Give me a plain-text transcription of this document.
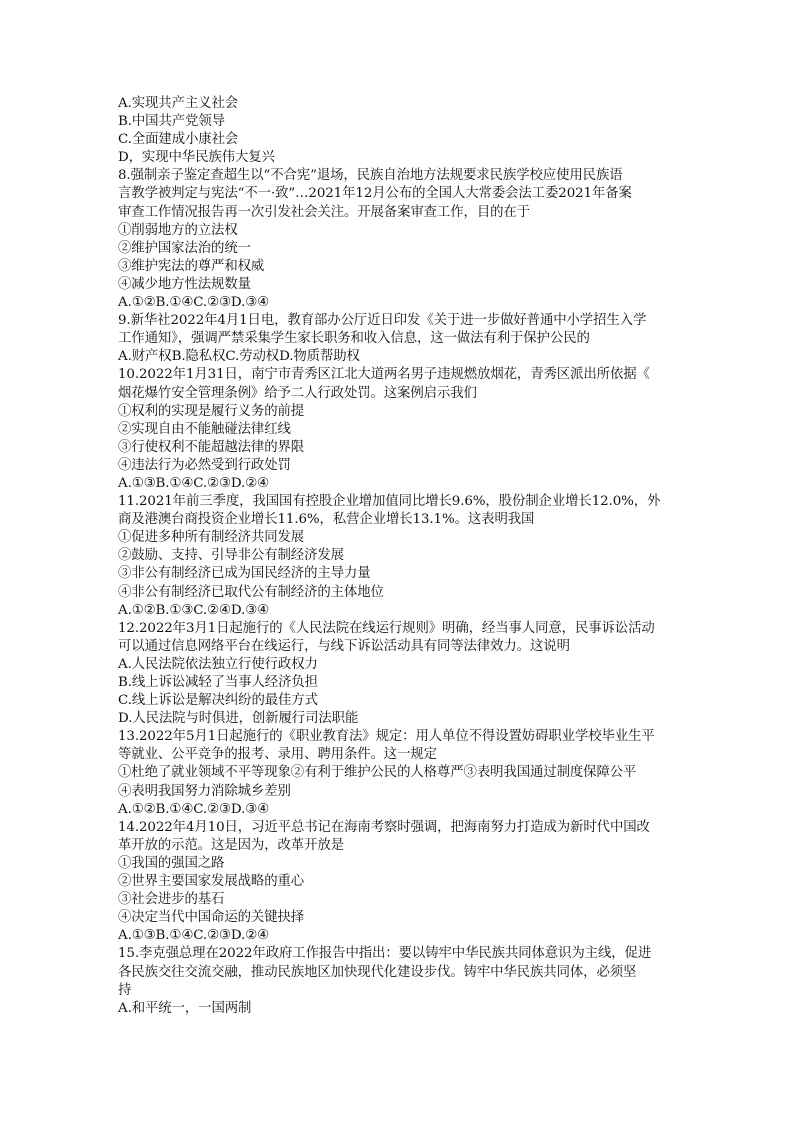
A.实现共产主义社会
B.中国共产党领导
C.全面建成小康社会
D，实现中华民族伟大复兴
8.强制亲子鉴定查超生以“不合宪”退场，民族自治地方法规要求民族学校应使用民族语
言教学被判定与宪法“不一·致”…2021年12月公布的全国人大常委会法工委2021年备案
审查工作情况报告再一次引发社会关注。开展备案审查工作，目的在于
①削弱地方的立法权
②维护国家法治的统一
③维护宪法的尊严和权威
④减少地方性法规数量
A.①②B.①④C.②③D.③④
9.新华社2022年4月1日电，教育部办公厅近日印发《关于进一步做好普通中小学招生入学
工作通知》，强调严禁采集学生家长职务和收入信息，这一做法有利于保护公民的
A.财产权B.隐私权C.劳动权D.物质帮助权
10.2022年1月31日，南宁市青秀区江北大道两名男子违规燃放烟花，青秀区派出所依据《
烟花爆竹安全管理条例》给予二人行政处罚。这案例启示我们
①权利的实现是履行义务的前提
②实现自由不能触碰法律红线
③行使权利不能超越法律的界限
④违法行为必然受到行政处罚
A.①③B.①④C.②③D.②④
11.2021年前三季度，我国国有控股企业增加值同比增长9.6%，股份制企业增长12.0%，外
商及港澳台商投资企业增长11.6%，私营企业增长13.1%。这表明我国
①促进多种所有制经济共同发展
②鼓励、支持、引导非公有制经济发展
③非公有制经济已成为国民经济的主导力量
④非公有制经济已取代公有制经济的主体地位
A.①②B.①③C.②④D.③④
12.2022年3月1日起施行的《人民法院在线运行规则》明确，经当事人同意，民事诉讼活动
可以通过信息网络平台在线运行，与线下诉讼活动具有同等法律效力。这说明
A.人民法院依法独立行使行政权力
B.线上诉讼减轻了当事人经济负担
C.线上诉讼是解决纠纷的最佳方式
D.人民法院与时俱进，创新履行司法职能
13.2022年5月1日起施行的《职业教育法》规定：用人单位不得设置妨碍职业学校毕业生平
等就业、公平竞争的报考、录用、聘用条件。这一规定
①杜绝了就业领域不平等现象②有利于维护公民的人格尊严③表明我国通过制度保障公平
④表明我国努力消除城乡差别
A.①②B.①④C.②③D.③④
14.2022年4月10日，习近平总书记在海南考察时强调，把海南努力打造成为新时代中国改
革开放的示范。这是因为，改革开放是
①我国的强国之路
②世界主要国家发展战略的重心
③社会进步的基石
④决定当代中国命运的关键抉择
A.①③B.①④C.②③D.②④
15.李克强总理在2022年政府工作报告中指出：要以铸牢中华民族共同体意识为主线，促进
各民族交往交流交融，推动民族地区加快现代化建设步伐。铸牢中华民族共同体，必须坚
持
A.和平统一，一国两制
